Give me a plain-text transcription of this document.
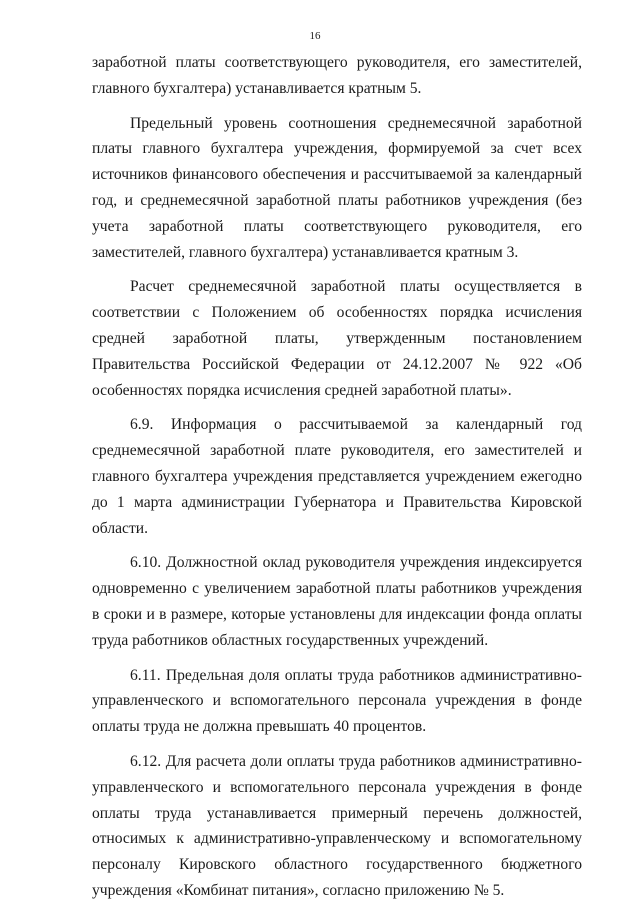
16

заработной платы соответствующего руководителя, его заместителей, главного бухгалтера) устанавливается кратным 5.

Предельный уровень соотношения среднемесячной заработной платы главного бухгалтера учреждения, формируемой за счет всех источников финансового обеспечения и рассчитываемой за календарный год, и среднемесячной заработной платы работников учреждения (без учета заработной платы соответствующего руководителя, его заместителей, главного бухгалтера) устанавливается кратным 3.

Расчет среднемесячной заработной платы осуществляется в соответствии с Положением об особенностях порядка исчисления средней заработной платы, утвержденным постановлением Правительства Российской Федерации от 24.12.2007 № 922 «Об особенностях порядка исчисления средней заработной платы».

6.9. Информация о рассчитываемой за календарный год среднемесячной заработной плате руководителя, его заместителей и главного бухгалтера учреждения представляется учреждением ежегодно до 1 марта администрации Губернатора и Правительства Кировской области.

6.10. Должностной оклад руководителя учреждения индексируется одновременно с увеличением заработной платы работников учреждения в сроки и в размере, которые установлены для индексации фонда оплаты труда работников областных государственных учреждений.

6.11. Предельная доля оплаты труда работников административно-управленческого и вспомогательного персонала учреждения в фонде оплаты труда не должна превышать 40 процентов.

6.12. Для расчета доли оплаты труда работников административно-управленческого и вспомогательного персонала учреждения в фонде оплаты труда устанавливается примерный перечень должностей, относимых к административно-управленческому и вспомогательному персоналу Кировского областного государственного бюджетного учреждения «Комбинат питания», согласно приложению № 5.
